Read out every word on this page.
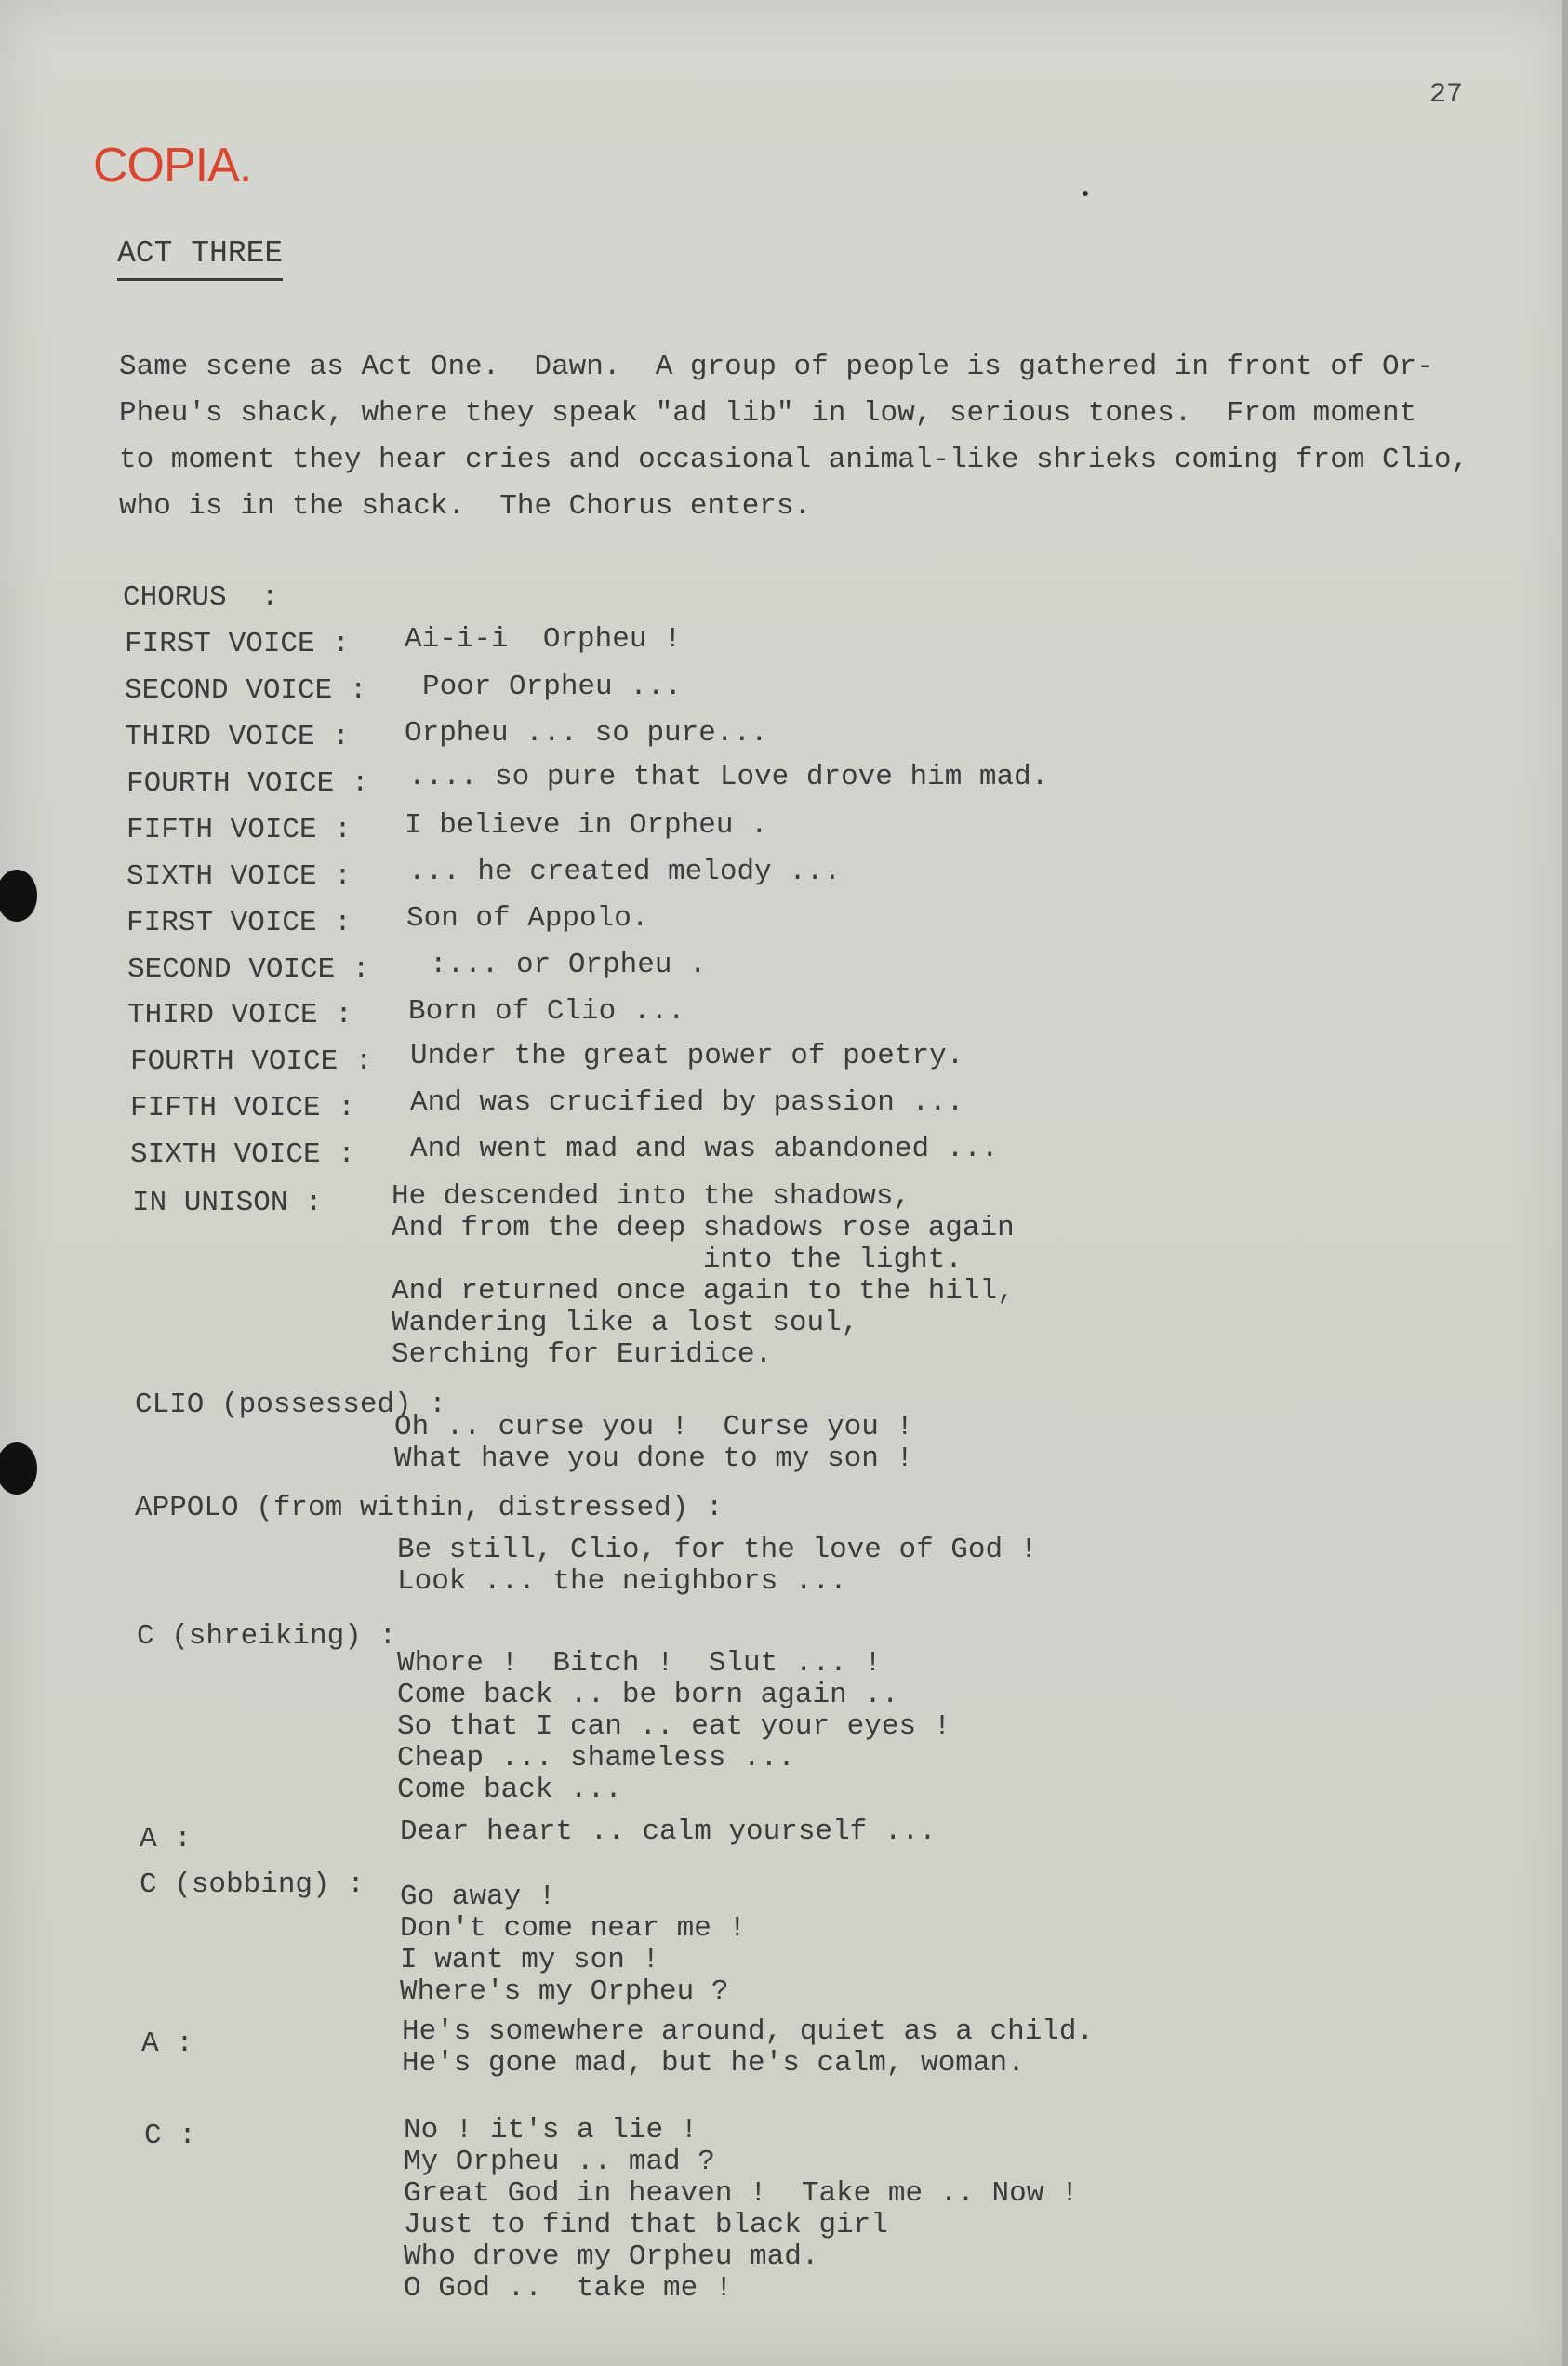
27
COPIA.
ACT THREE
Same scene as Act One.  Dawn.  A group of people is gathered in front of Or-
Pheu's shack, where they speak "ad lib" in low, serious tones.  From moment
to moment they hear cries and occasional animal-like shrieks coming from Clio,
who is in the shack.  The Chorus enters.
CHORUS  :
FIRST VOICE : Ai-i-i  Orpheu !
SECOND VOICE : Poor Orpheu ...
THIRD VOICE : Orpheu ... so pure...
FOURTH VOICE : .... so pure that Love drove him mad.
FIFTH VOICE : I believe in Orpheu .
SIXTH VOICE : ... he created melody ...
FIRST VOICE : Son of Appolo.
SECOND VOICE : :... or Orpheu .
THIRD VOICE : Born of Clio ...
FOURTH VOICE : Under the great power of poetry.
FIFTH VOICE : And was crucified by passion ...
SIXTH VOICE : And went mad and was abandoned ...
IN UNISON : He descended into the shadows,
And from the deep shadows rose again
into the light.
And returned once again to the hill,
Wandering like a lost soul,
Serching for Euridice.
CLIO (possessed) :
Oh .. curse you !  Curse you !
What have you done to my son !
APPOLO (from within, distressed) :
Be still, Clio, for the love of God !
Look ... the neighbors ...
C (shreiking) :
Whore !  Bitch !  Slut ... !
Come back .. be born again ..
So that I can .. eat your eyes !
Cheap ... shameless ...
Come back ...
A :	Dear heart .. calm yourself ...
C (sobbing) : Go away !
Don't come near me !
I want my son !
Where's my Orpheu ?
A :	He's somewhere around, quiet as a child.
He's gone mad, but he's calm, woman.
C :	No ! it's a lie !
My Orpheu .. mad ?
Great God in heaven !  Take me .. Now !
Just to find that black girl
Who drove my Orpheu mad.
O God ..  take me !
